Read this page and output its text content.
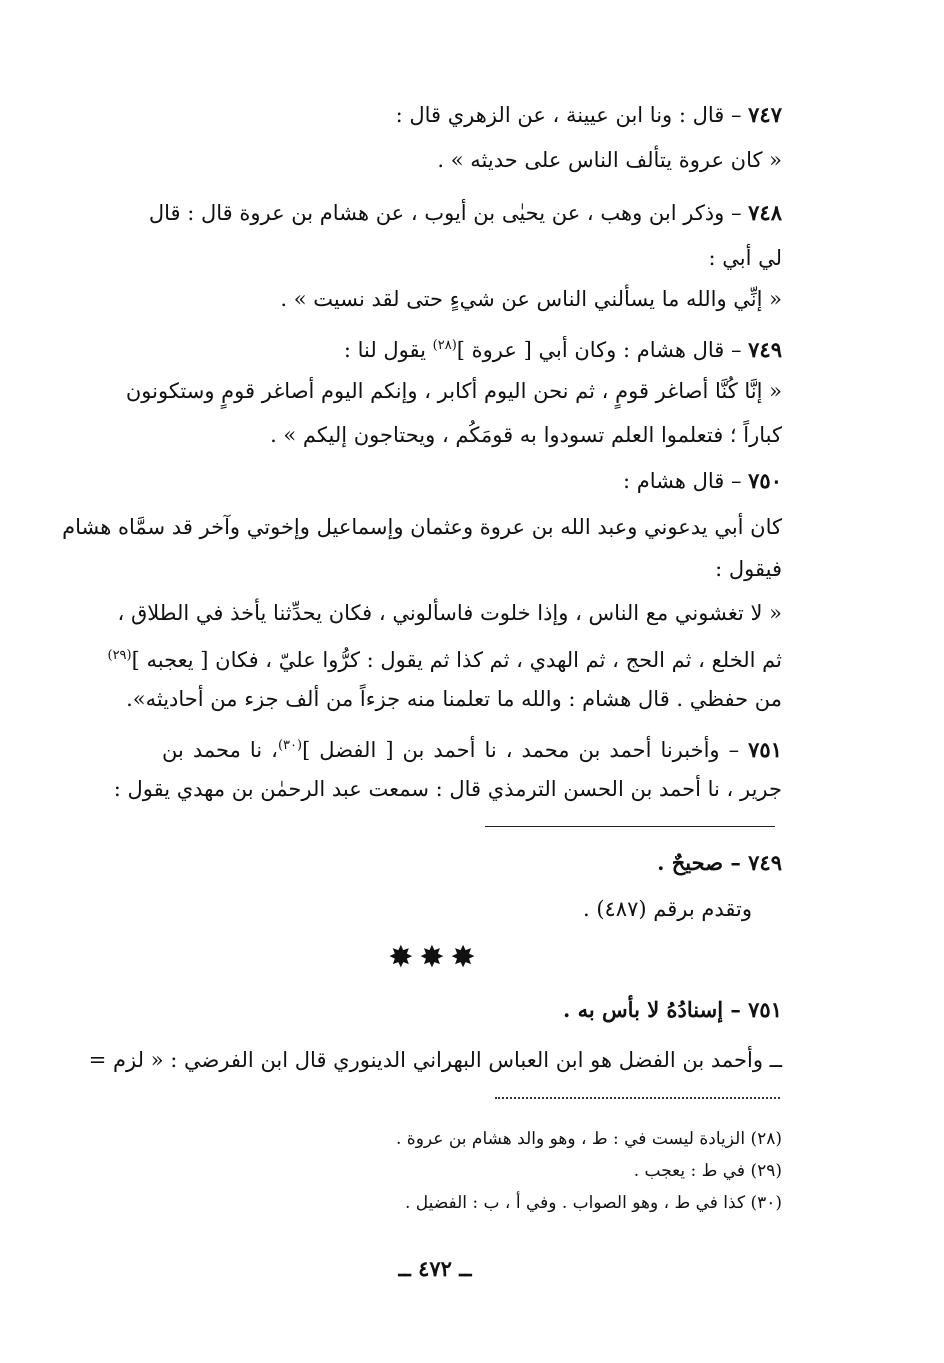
٧٤٧ – قال : ونا ابن عيينة ، عن الزهري قال :
« كان عروة يتألف الناس على حديثه » .
٧٤٨ – وذكر ابن وهب ، عن يحيٰى بن أيوب ، عن هشام بن عروة قال : قال
لي أبي :
« إنِّي والله ما يسألني الناس عن شيءٍ حتى لقد نسيت » .
٧٤٩ – قال هشام : وكان أبي [ عروة ]$^{(٢٨)}$ يقول لنا :
« إنَّا كُنَّا أصاغر قومٍ ، ثم نحن اليوم أكابر ، وإنكم اليوم أصاغر قومٍ وستكونون
كباراً ؛ فتعلموا العلم تسودوا به قومَكُم ، ويحتاجون إليكم » .
٧٥٠ – قال هشام :
كان أبي يدعوني وعبد الله بن عروة وعثمان وإسماعيل وإخوتي وآخر قد سمَّاه هشام
فيقول :
« لا تغشوني مع الناس ، وإذا خلوت فاسألوني ، فكان يحدِّثنا يأخذ في الطلاق ،
ثم الخلع ، ثم الحج ، ثم الهدي ، ثم كذا ثم يقول : كرُّوا عليّ ، فكان [ يعجبه ]$^{(٢٩)}$
من حفظي . قال هشام : والله ما تعلمنا منه جزءاً من ألف جزء من أحاديثه».
٧٥١ – وأخبرنا أحمد بن محمد ، نا أحمد بن [ الفضل ]$^{(٣٠)}$، نا محمد بن
جرير ، نا أحمد بن الحسن الترمذي قال : سمعت عبد الرحمٰن بن مهدي يقول :
٧٤٩ – صحيحٌ .
وتقدم برقم (٤٨٧) .
✸✸✸
٧٥١ – إسنادُهُ لا بأس به .
ــ وأحمد بن الفضل هو ابن العباس البهراني الدينوري قال ابن الفرضي : « لزم =
(٢٨) الزيادة ليست في : ط ، وهو والد هشام بن عروة .
(٢٩) في ط : يعجب .
(٣٠) كذا في ط ، وهو الصواب . وفي أ ، ب : الفضيل .
ــ ٤٧٢ ــ
